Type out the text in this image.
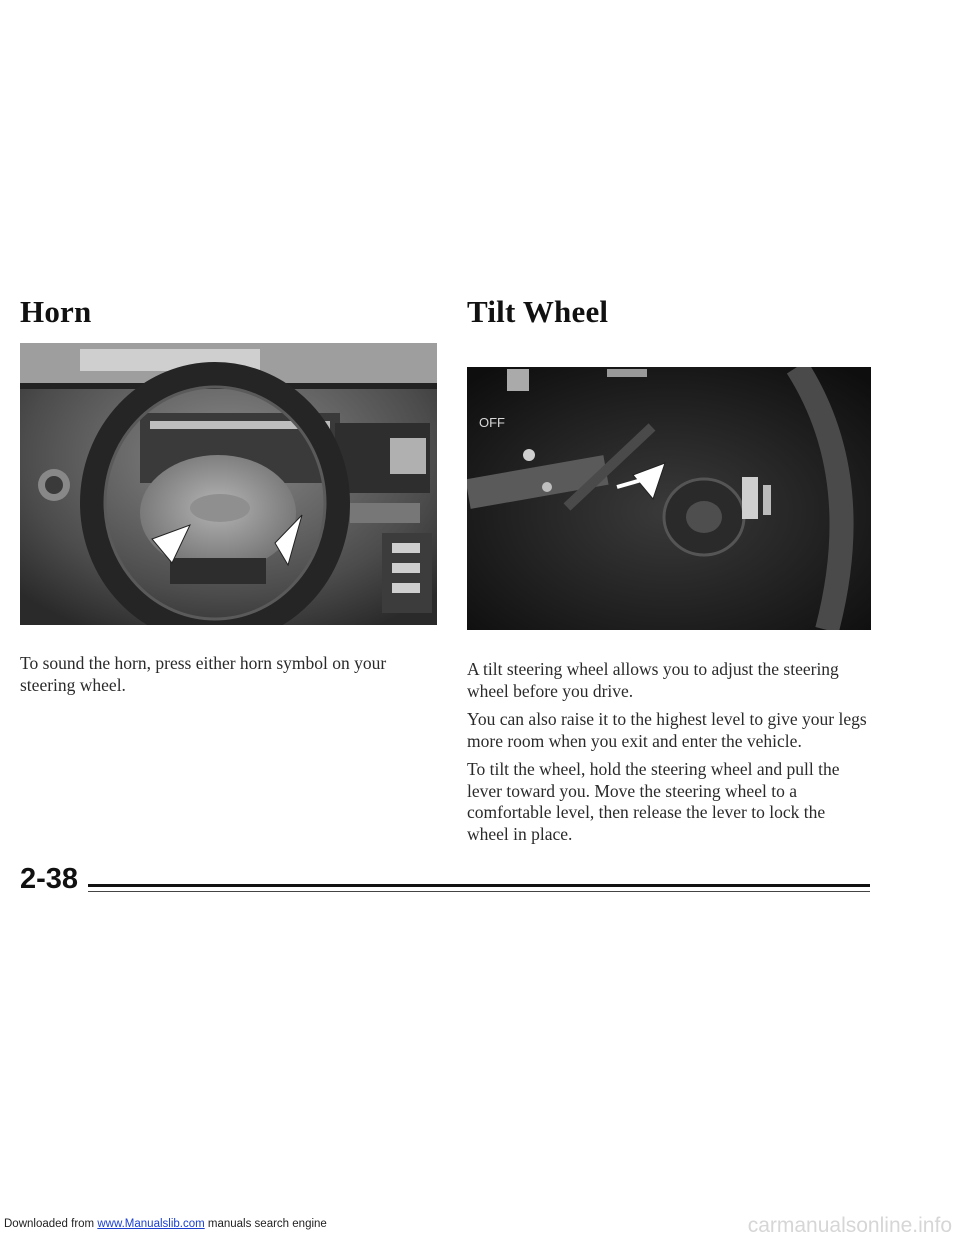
Horn

To sound the horn, press either horn symbol on your steering wheel.

Tilt Wheel
OFF

A tilt steering wheel allows you to adjust the steering wheel before you drive.

You can also raise it to the highest level to give your legs more room when you exit and enter the vehicle.

To tilt the wheel, hold the steering wheel and pull the lever toward you. Move the steering wheel to a comfortable level, then release the lever to lock the wheel in place.

2-38
Downloaded from www.Manualslib.com manuals search engine	carmanualsonline.info
